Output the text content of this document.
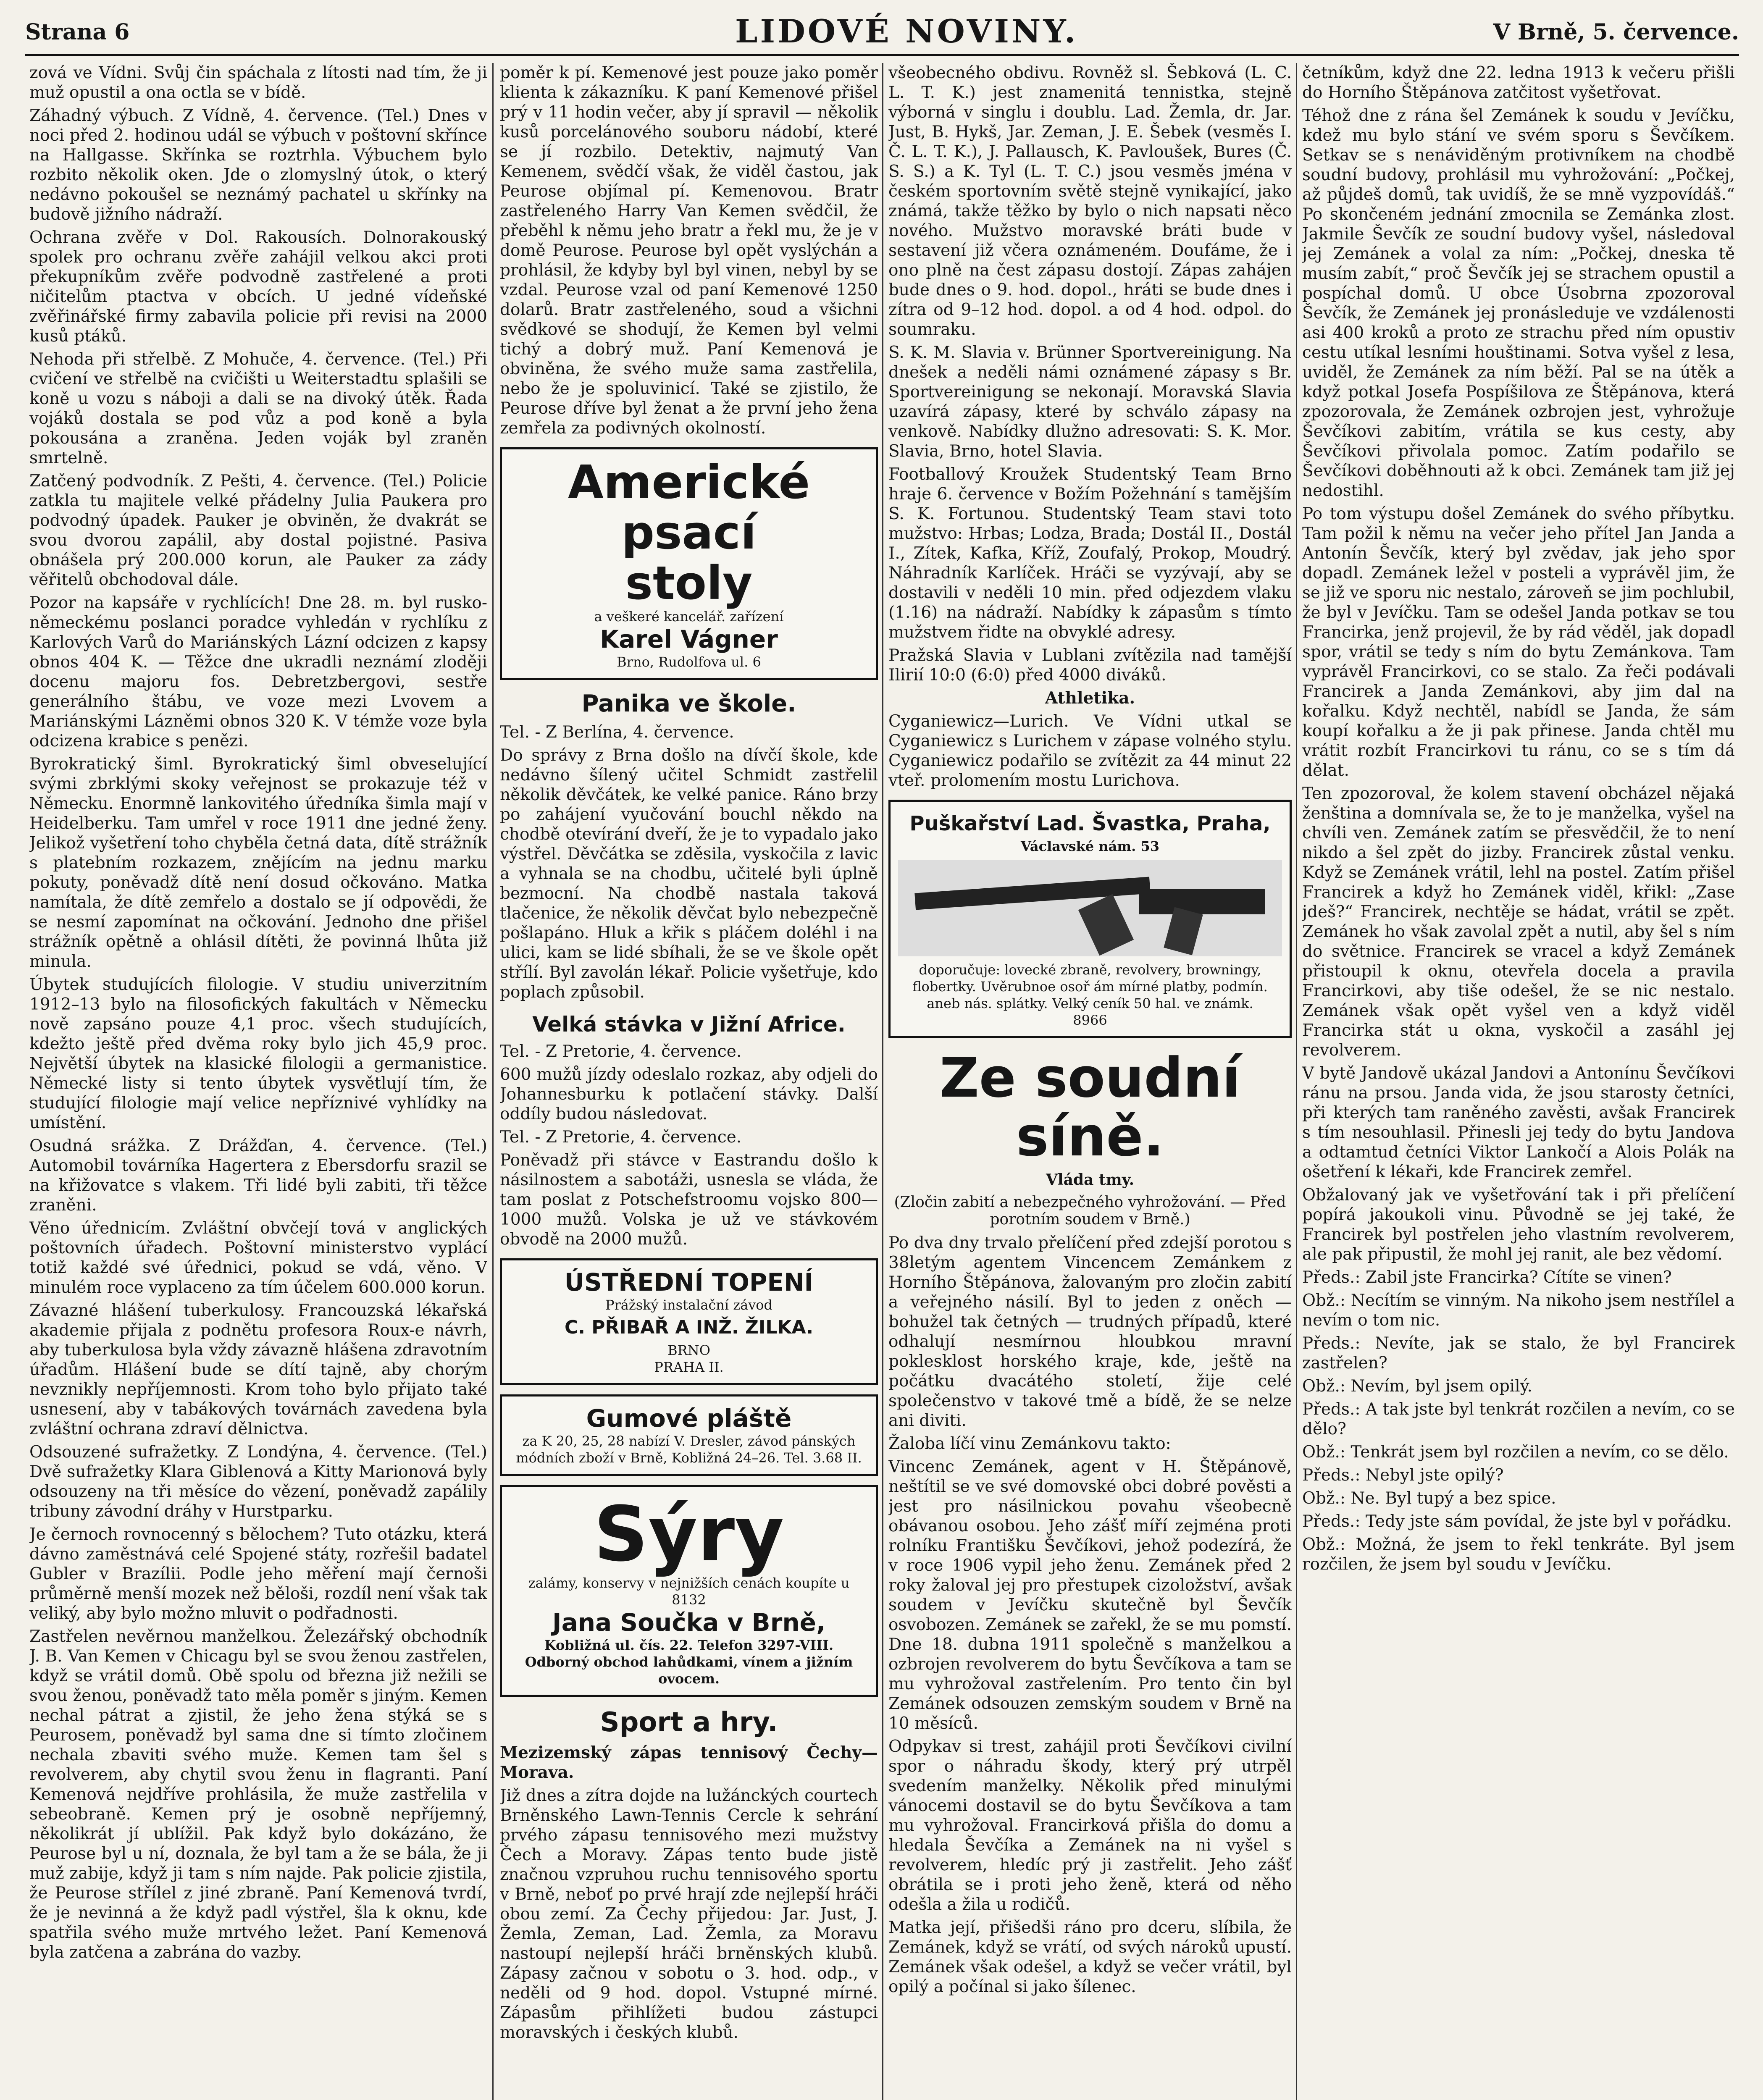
Strana 6	LIDOVÉ NOVINY.	V Brně, 5. července.

zová ve Vídni. Svůj čin spáchala z lítosti nad tím, že ji muž opustil a ona octla se v bídě.

Záhadný výbuch. Z Vídně, 4. července. (Tel.) Dnes v noci před 2. hodinou udál se výbuch v poštovní skřínce na Hallgasse. Skřínka se roztrhla. Výbuchem bylo rozbito několik oken. Jde o zlomyslný útok, o který nedávno pokoušel se neznámý pachatel u skřínky na budově jižního nádraží.

Ochrana zvěře v Dol. Rakousích. Dolnorakouský spolek pro ochranu zvěře zahájil velkou akci proti překupníkům zvěře podvodně zastřelené a proti ničitelům ptactva v obcích. U jedné vídeňské zvěřinářské firmy zabavila policie při revisi na 2000 kusů ptáků.

Nehoda při střelbě. Z Mohuče, 4. července. (Tel.) Při cvičení ve střelbě na cvičišti u Weiterstadtu splašili se koně u vozu s náboji a dali se na divoký útěk. Řada vojáků dostala se pod vůz a pod koně a byla pokousána a zraněna. Jeden voják byl zraněn smrtelně.

Zatčený podvodník. Z Pešti, 4. července. (Tel.) Policie zatkla tu majitele velké přádelny Julia Paukera pro podvodný úpadek. Pauker je obviněn, že dvakrát se svou dvorou zapálil, aby dostal pojistné. Pasiva obnášela prý 200.000 korun, ale Pauker za zády věřitelů obchodoval dále.

Pozor na kapsáře v rychlících! Dne 28. m. byl rusko-německému poslanci poradce vyhledán v rychlíku z Karlových Varů do Mariánských Lázní odcizen z kapsy obnos 404 K. — Těžce dne ukradli neznámí zloději docenu majoru fos. Debretzbergovi, sestře generálního štábu, ve voze mezi Lvovem a Mariánskými Lázněmi obnos 320 K. V témže voze byla odcizena krabice s penězi.

Byrokratický šiml. Byrokratický šiml obveselující svými zbrklými skoky veřejnost se prokazuje též v Německu. Enormně lankovitého úředníka šimla mají v Heidelberku. Tam umřel v roce 1911 dne jedné ženy. Jelikož vyšetření toho chyběla četná data, dítě strážník s platebním rozkazem, znějícím na jednu marku pokuty, poněvadž dítě není dosud očkováno. Matka namítala, že dítě zemřelo a dostalo se jí odpovědi, že se nesmí zapomínat na očkování. Jednoho dne přišel strážník opětně a ohlásil dítěti, že povinná lhůta již minula.

Úbytek studujících filologie. V studiu univerzitním 1912–13 bylo na filosofických fakultách v Německu nově zapsáno pouze 4,1 proc. všech studujících, kdežto ještě před dvěma roky bylo jich 45,9 proc. Největší úbytek na klasické filologii a germanistice. Německé listy si tento úbytek vysvětlují tím, že studující filologie mají velice nepříznivé vyhlídky na umístění.

Osudná srážka. Z Drážďan, 4. července. (Tel.) Automobil továrníka Hagertera z Ebersdorfu srazil se na křižovatce s vlakem. Tři lidé byli zabiti, tři těžce zraněni.

Věno úřednicím. Zvláštní obvčejí tová v anglických poštovních úřadech. Poštovní ministerstvo vyplácí totiž každé své úřednici, pokud se vdá, věno. V minulém roce vyplaceno za tím účelem 600.000 korun.

Závazné hlášení tuberkulosy. Francouzská lékařská akademie přijala z podnětu profesora Roux-e návrh, aby tuberkulosa byla vždy závazně hlášena zdravotním úřadům. Hlášení bude se dítí tajně, aby chorým nevznikly nepříjemnosti. Krom toho bylo přijato také usnesení, aby v tabákových továrnách zavedena byla zvláštní ochrana zdraví dělnictva.

Odsouzené sufražetky. Z Londýna, 4. července. (Tel.) Dvě sufražetky Klara Giblenová a Kitty Marionová byly odsouzeny na tři měsíce do vězení, poněvadž zapálily tribuny závodní dráhy v Hurstparku.

Je černoch rovnocenný s bělochem? Tuto otázku, která dávno zaměstnává celé Spojené státy, rozřešil badatel Gubler v Brazílii. Podle jeho měření mají černoši průměrně menší mozek než běloši, rozdíl není však tak veliký, aby bylo možno mluvit o podřadnosti.

Zastřelen nevěrnou manželkou. Železářský obchodník J. B. Van Kemen v Chicagu byl se svou ženou zastřelen, když se vrátil domů. Obě spolu od března již nežili se svou ženou, poněvadž tato měla poměr s jiným. Kemen nechal pátrat a zjistil, že jeho žena stýká se s Peurosem, poněvadž byl sama dne si tímto zločinem nechala zbaviti svého muže. Kemen tam šel s revolverem, aby chytil svou ženu in flagranti. Paní Kemenová nejdříve prohlásila, že muže zastřelila v sebeobraně. Kemen prý je osobně nepříjemný, několikrát jí ublížil. Pak když bylo dokázáno, že Peurose byl u ní, doznala, že byl tam a že se bála, že ji muž zabije, když ji tam s ním najde. Pak policie zjistila, že Peurose střílel z jiné zbraně. Paní Kemenová tvrdí, že je nevinná a že když padl výstřel, šla k oknu, kde spatřila svého muže mrtvého ležet. Paní Kemenová byla zatčena a zabrána do vazby.

poměr k pí. Kemenové jest pouze jako poměr klienta k zákazníku. K paní Kemenové přišel prý v 11 hodin večer, aby jí spravil — několik kusů porcelánového souboru nádobí, které se jí rozbilo. Detektiv, najmutý Van Kemenem, svědčí však, že viděl častou, jak Peurose objímal pí. Kemenovou. Bratr zastřeleného Harry Van Kemen svědčil, že přeběhl k němu jeho bratr a řekl mu, že je v domě Peurose. Peurose byl opět vyslýchán a prohlásil, že kdyby byl byl vinen, nebyl by se vzdal. Peurose vzal od paní Kemenové 1250 dolarů. Bratr zastřeleného, soud a všichni svědkové se shodují, že Kemen byl velmi tichý a dobrý muž. Paní Kemenová je obviněna, že svého muže sama zastřelila, nebo že je spoluvinicí. Také se zjistilo, že Peurose dříve byl ženat a že první jeho žena zemřela za podivných okolností.

Americké psací
stoly
a veškeré kancelář. zařízení
Karel Vágner
Brno, Rudolfova ul. 6
Panika ve škole.

Tel. - Z Berlína, 4. července.

Do správy z Brna došlo na dívčí škole, kde nedávno šílený učitel Schmidt zastřelil několik děvčátek, ke velké panice. Ráno brzy po zahájení vyučování bouchl někdo na chodbě otevírání dveří, že je to vypadalo jako výstřel. Děvčátka se zděsila, vyskočila z lavic a vyhnala se na chodbu, učitelé byli úplně bezmocní. Na chodbě nastala taková tlačenice, že několik děvčat bylo nebezpečně pošlapáno. Hluk a křik s pláčem doléhl i na ulici, kam se lidé sbíhali, že se ve škole opět střílí. Byl zavolán lékař. Policie vyšetřuje, kdo poplach způsobil.

Velká stávka v Jižní Africe.

Tel. - Z Pretorie, 4. července.

600 mužů jízdy odeslalo rozkaz, aby odjeli do Johannesburku k potlačení stávky. Další oddíly budou následovat.

Tel. - Z Pretorie, 4. července.

Poněvadž při stávce v Eastrandu došlo k násilnostem a sabotáži, usnesla se vláda, že tam poslat z Potschefstroomu vojsko 800—1000 mužů. Volska je už ve stávkovém obvodě na 2000 mužů.

ÚSTŘEDNÍ TOPENÍ
Prážský instalační závod
C. PŘIBAŘ A INŽ. ŽILKA.
BRNO
PRAHA II.
Gumové pláště
za K 20, 25, 28 nabízí V. Dresler, závod pánských módních zboží v Brně, Kobližná 24–26. Tel. 3.68 II.
Sýry
zalámy, konservy v nejnižších cenách koupíte u
8132
Jana Součka v Brně,
Kobližná ul. čís. 22. Telefon 3297-VIII.
Odborný obchod lahůdkami, vínem a jižním ovocem.
Sport a hry.

Mezizemský zápas tennisový Čechy—Morava.

Již dnes a zítra dojde na lužánckých courtech Brněnského Lawn-Tennis Cercle k sehrání prvého zápasu tennisového mezi mužstvy Čech a Moravy. Zápas tento bude jistě značnou vzpruhou ruchu tennisového sportu v Brně, neboť po prvé hrají zde nejlepší hráči obou zemí. Za Čechy přijedou: Jar. Just, J. Žemla, Zeman, Lad. Žemla, za Moravu nastoupí nejlepší hráči brněnských klubů. Zápasy začnou v sobotu o 3. hod. odp., v neděli od 9 hod. dopol. Vstupné mírné. Zápasům přihlížeti budou zástupci moravských i českých klubů.

všeobecného obdivu. Rovněž sl. Šebková (L. C. L. T. K.) jest znamenitá tennistka, stejně výborná v singlu i doublu. Lad. Žemla, dr. Jar. Just, B. Hykš, Jar. Zeman, J. E. Šebek (vesměs I. Č. L. T. K.), J. Pallausch, K. Pavloušek, Bures (Č. S. S.) a K. Tyl (L. T. C.) jsou vesměs jména v českém sportovním světě stejně vynikající, jako známá, takže těžko by bylo o nich napsati něco nového. Mužstvo moravské bráti bude v sestavení již včera oznámeném. Doufáme, že i ono plně na čest zápasu dostojí. Zápas zahájen bude dnes o 9. hod. dopol., hráti se bude dnes i zítra od 9–12 hod. dopol. a od 4 hod. odpol. do soumraku.

S. K. M. Slavia v. Brünner Sportvereinigung. Na dnešek a neděli námi oznámené zápasy s Br. Sportvereinigung se nekonají. Moravská Slavia uzavírá zápasy, které by schválo zápasy na venkově. Nabídky dlužno adresovati: S. K. Mor. Slavia, Brno, hotel Slavia.

Footballový Kroužek Studentský Team Brno hraje 6. července v Božím Požehnání s tamějším S. K. Fortunou. Studentský Team stavi toto mužstvo: Hrbas; Lodza, Brada; Dostál II., Dostál I., Zítek, Kafka, Kříž, Zoufalý, Prokop, Moudrý. Náhradník Karlíček. Hráči se vyzývají, aby se dostavili v neděli 10 min. před odjezdem vlaku (1.16) na nádraží. Nabídky k zápasům s tímto mužstvem řidte na obvyklé adresy.

Pražská Slavia v Lublani zvítězila nad tamější Ilirií 10:0 (6:0) před 4000 diváků.

Athletika.

Cyganiewicz—Lurich. Ve Vídni utkal se Cyganiewicz s Lurichem v zápase volného stylu. Cyganiewicz podařilo se zvítězit za 44 minut 22 vteř. prolomením mostu Lurichova.

Puškařství Lad. Švastka, Praha,
Václavské nám. 53
doporučuje: lovecké zbraně, revolvery, browningy, flobertky. Uvěrubnoe osoř ám mírné platby, podmín. aneb nás. splátky. Velký ceník 50 hal. ve známk.
8966
Ze soudní síně.
Vláda tmy.
(Zločin zabití a nebezpečného vyhrožování. — Před porotním soudem v Brně.)

Po dva dny trvalo přelíčení před zdejší porotou s 38letým agentem Vincencem Zemánkem z Horního Štěpánova, žalovaným pro zločin zabití a veřejného násilí. Byl to jeden z oněch — bohužel tak četných — trudných případů, které odhalují nesmírnou hloubkou mravní poklesklost horského kraje, kde, ještě na počátku dvacátého století, žije celé společenstvo v takové tmě a bídě, že se nelze ani diviti.

Žaloba líčí vinu Zemánkovu takto:

Vincenc Zemánek, agent v H. Štěpánově, neštítil se ve své domovské obci dobré pověsti a jest pro násilnickou povahu všeobecně obávanou osobou. Jeho zášť míří zejména proti rolníku Františku Ševčíkovi, jehož podezírá, že v roce 1906 vypil jeho ženu. Zemánek před 2 roky žaloval jej pro přestupek cizoložství, avšak soudem v Jevíčku skutečně byl Ševčík osvobozen. Zemánek se zařekl, že se mu pomstí. Dne 18. dubna 1911 společně s manželkou a ozbrojen revolverem do bytu Ševčíkova a tam se mu vyhrožoval zastřelením. Pro tento čin byl Zemánek odsouzen zemským soudem v Brně na 10 měsíců.

Odpykav si trest, zahájil proti Ševčíkovi civilní spor o náhradu škody, který prý utrpěl svedením manželky. Několik před minulými vánocemi dostavil se do bytu Ševčíkova a tam mu vyhrožoval. Francirková přišla do domu a hledala Ševčíka a Zemánek na ni vyšel s revolverem, hledíc prý ji zastřelit. Jeho zášť obrátila se i proti jeho ženě, která od něho odešla a žila u rodičů.

Matka její, přišedši ráno pro dceru, slíbila, že Zemánek, když se vrátí, od svých nároků upustí. Zemánek však odešel, a když se večer vrátil, byl opilý a počínal si jako šílenec.

četníkům, když dne 22. ledna 1913 k večeru přišli do Horního Štěpánova zatčitost vyšetřovat.

Téhož dne z rána šel Zemánek k soudu v Jevíčku, kdež mu bylo stání ve svém sporu s Ševčíkem. Setkav se s nenáviděným protivníkem na chodbě soudní budovy, prohlásil mu vyhrožování: „Počkej, až půjdeš domů, tak uvidíš, že se mně vyzpovídáš.“ Po skončeném jednání zmocnila se Zemánka zlost. Jakmile Ševčík ze soudní budovy vyšel, následoval jej Zemánek a volal za ním: „Počkej, dneska tě musím zabít,“ proč Ševčík jej se strachem opustil a pospíchal domů. U obce Úsobrna zpozoroval Ševčík, že Zemánek jej pronásleduje ve vzdálenosti asi 400 kroků a proto ze strachu před ním opustiv cestu utíkal lesními houštinami. Sotva vyšel z lesa, uviděl, že Zemánek za ním běží. Pal se na útěk a když potkal Josefa Pospíšilova ze Štěpánova, která zpozorovala, že Zemánek ozbrojen jest, vyhrožuje Ševčíkovi zabitím, vrátila se kus cesty, aby Ševčíkovi přivolala pomoc. Zatím podařilo se Ševčíkovi doběhnouti až k obci. Zemánek tam již jej nedostihl.

Po tom výstupu došel Zemánek do svého příbytku. Tam požil k němu na večer jeho přítel Jan Janda a Antonín Ševčík, který byl zvědav, jak jeho spor dopadl. Zemánek ležel v posteli a vyprávěl jim, že se již ve sporu nic nestalo, zároveň se jim pochlubil, že byl v Jevíčku. Tam se odešel Janda potkav se tou Francirka, jenž projevil, že by rád věděl, jak dopadl spor, vrátil se tedy s ním do bytu Zemánkova. Tam vyprávěl Francirkovi, co se stalo. Za řeči podávali Francirek a Janda Zemánkovi, aby jim dal na kořalku. Když nechtěl, nabídl se Janda, že sám koupí kořalku a že ji pak přinese. Janda chtěl mu vrátit rozbít Francirkovi tu ránu, co se s tím dá dělat.

Ten zpozoroval, že kolem stavení obcházel nějaká ženština a domnívala se, že to je manželka, vyšel na chvíli ven. Zemánek zatím se přesvědčil, že to není nikdo a šel zpět do jizby. Francirek zůstal venku. Když se Zemánek vrátil, lehl na postel. Zatím přišel Francirek a když ho Zemánek viděl, křikl: „Zase jdeš?“ Francirek, nechtěje se hádat, vrátil se zpět. Zemánek ho však zavolal zpět a nutil, aby šel s ním do světnice. Francirek se vracel a když Zemánek přistoupil k oknu, otevřela docela a pravila Francirkovi, aby tiše odešel, že se nic nestalo. Zemánek však opět vyšel ven a když viděl Francirka stát u okna, vyskočil a zasáhl jej revolverem.

V bytě Jandově ukázal Jandovi a Antonínu Ševčíkovi ránu na prsou. Janda vida, že jsou starosty četníci, při kterých tam raněného zavěsti, avšak Francirek s tím nesouhlasil. Přinesli jej tedy do bytu Jandova a odtamtud četníci Viktor Lankočí a Alois Polák na ošetření k lékaři, kde Francirek zemřel.

Obžalovaný jak ve vyšetřování tak i při přelíčení popírá jakoukoli vinu. Původně se jej také, že Francirek byl postřelen jeho vlastním revolverem, ale pak připustil, že mohl jej ranit, ale bez vědomí.

Předs.: Zabil jste Francirka? Cítíte se vinen?

Obž.: Necítím se vinným. Na nikoho jsem nestřílel a nevím o tom nic.

Předs.: Nevíte, jak se stalo, že byl Francirek zastřelen?

Obž.: Nevím, byl jsem opilý.

Předs.: A tak jste byl tenkrát rozčilen a nevím, co se dělo?

Obž.: Tenkrát jsem byl rozčilen a nevím, co se dělo.

Předs.: Nebyl jste opilý?

Obž.: Ne. Byl tupý a bez spice.

Předs.: Tedy jste sám povídal, že jste byl v pořádku.

Obž.: Možná, že jsem to řekl tenkráte. Byl jsem rozčilen, že jsem byl soudu v Jevíčku.
